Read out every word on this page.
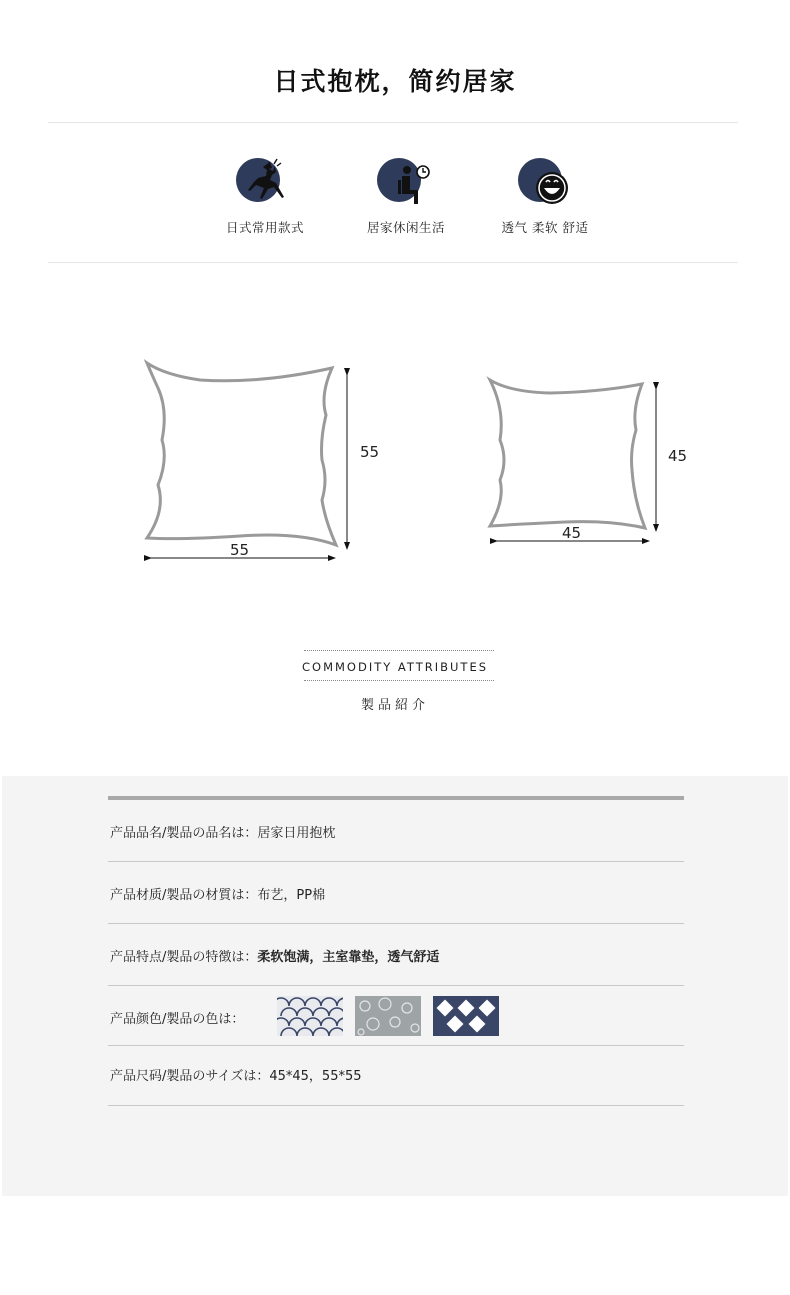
日式抱枕，简约居家
日式常用款式	居家休闲生活	透气 柔软 舒适
55
55
45
45
COMMODITY ATTRIBUTES
製品紹介
产品品名/製品の品名は：居家日用抱枕
产品材质/製品の材質は：布艺，PP棉
产品特点/製品の特徴は：柔软饱满，主室靠垫，透气舒适
产品颜色/製品の色は：
产品尺码/製品のサイズは：45*45，55*55
